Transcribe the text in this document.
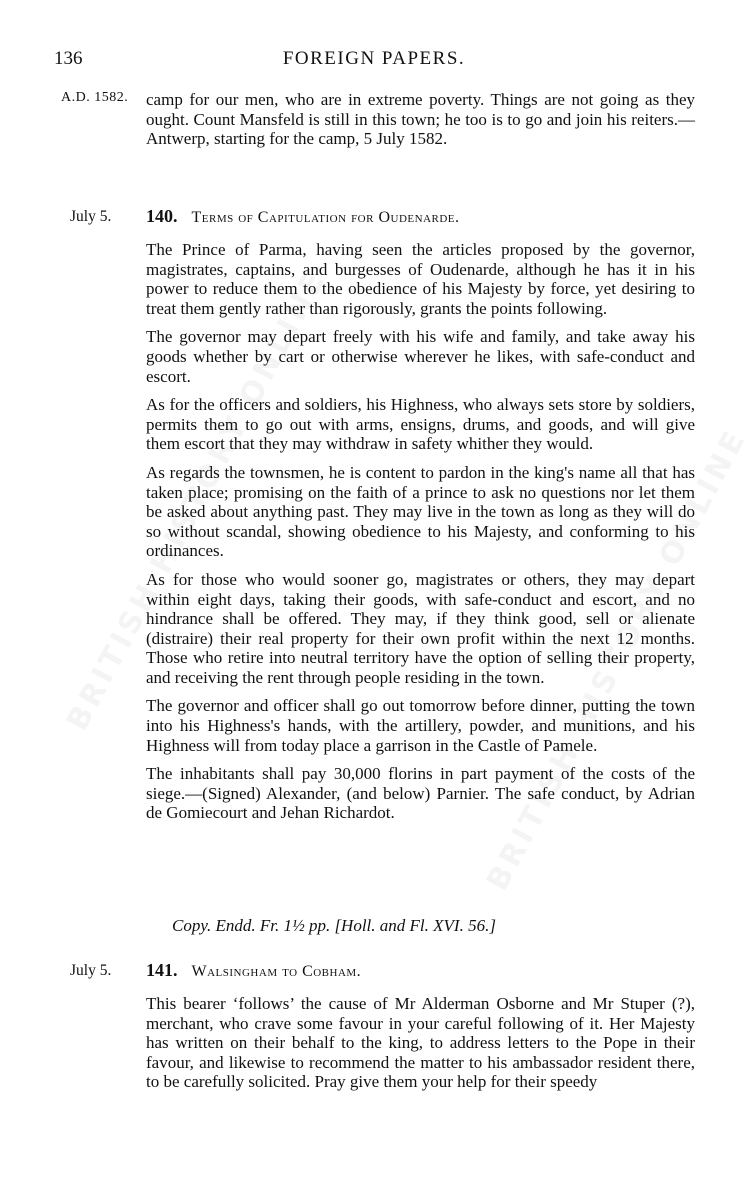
136	FOREIGN PAPERS.
A.D. 1582. camp for our men, who are in extreme poverty. Things are not going as they ought. Count Mansfeld is still in this town; he too is to go and join his reiters.—Antwerp, starting for the camp, 5 July 1582.

July 5. 140. Terms of Capitulation for Oudenarde.

The Prince of Parma, having seen the articles proposed by the governor, magistrates, captains, and burgesses of Oudenarde, although he has it in his power to reduce them to the obedience of his Majesty by force, yet desiring to treat them gently rather than rigorously, grants the points following.

The governor may depart freely with his wife and family, and take away his goods whether by cart or otherwise wherever he likes, with safe-conduct and escort.

As for the officers and soldiers, his Highness, who always sets store by soldiers, permits them to go out with arms, ensigns, drums, and goods, and will give them escort that they may withdraw in safety whither they would.

As regards the townsmen, he is content to pardon in the king's name all that has taken place; promising on the faith of a prince to ask no questions nor let them be asked about anything past. They may live in the town as long as they will do so without scandal, showing obedience to his Majesty, and conforming to his ordinances.

As for those who would sooner go, magistrates or others, they may depart within eight days, taking their goods, with safe-conduct and escort, and no hindrance shall be offered. They may, if they think good, sell or alienate (distraire) their real property for their own profit within the next 12 months. Those who retire into neutral territory have the option of selling their property, and receiving the rent through people residing in the town.

The governor and officer shall go out tomorrow before dinner, putting the town into his Highness's hands, with the artillery, powder, and munitions, and his Highness will from today place a garrison in the Castle of Pamele.

The inhabitants shall pay 30,000 florins in part payment of the costs of the siege.—(Signed) Alexander, (and below) Parnier. The safe conduct, by Adrian de Gomiecourt and Jehan Richardot.

Copy. Endd. Fr. 1½ pp. [Holl. and Fl. XVI. 56.]
July 5. 141. Walsingham to Cobham.

This bearer ‘follows’ the cause of Mr Alderman Osborne and Mr Stuper (?), merchant, who crave some favour in your careful following of it. Her Majesty has written on their behalf to the king, to address letters to the Pope in their favour, and likewise to recommend the matter to his ambassador resident there, to be carefully solicited. Pray give them your help for their speedy
